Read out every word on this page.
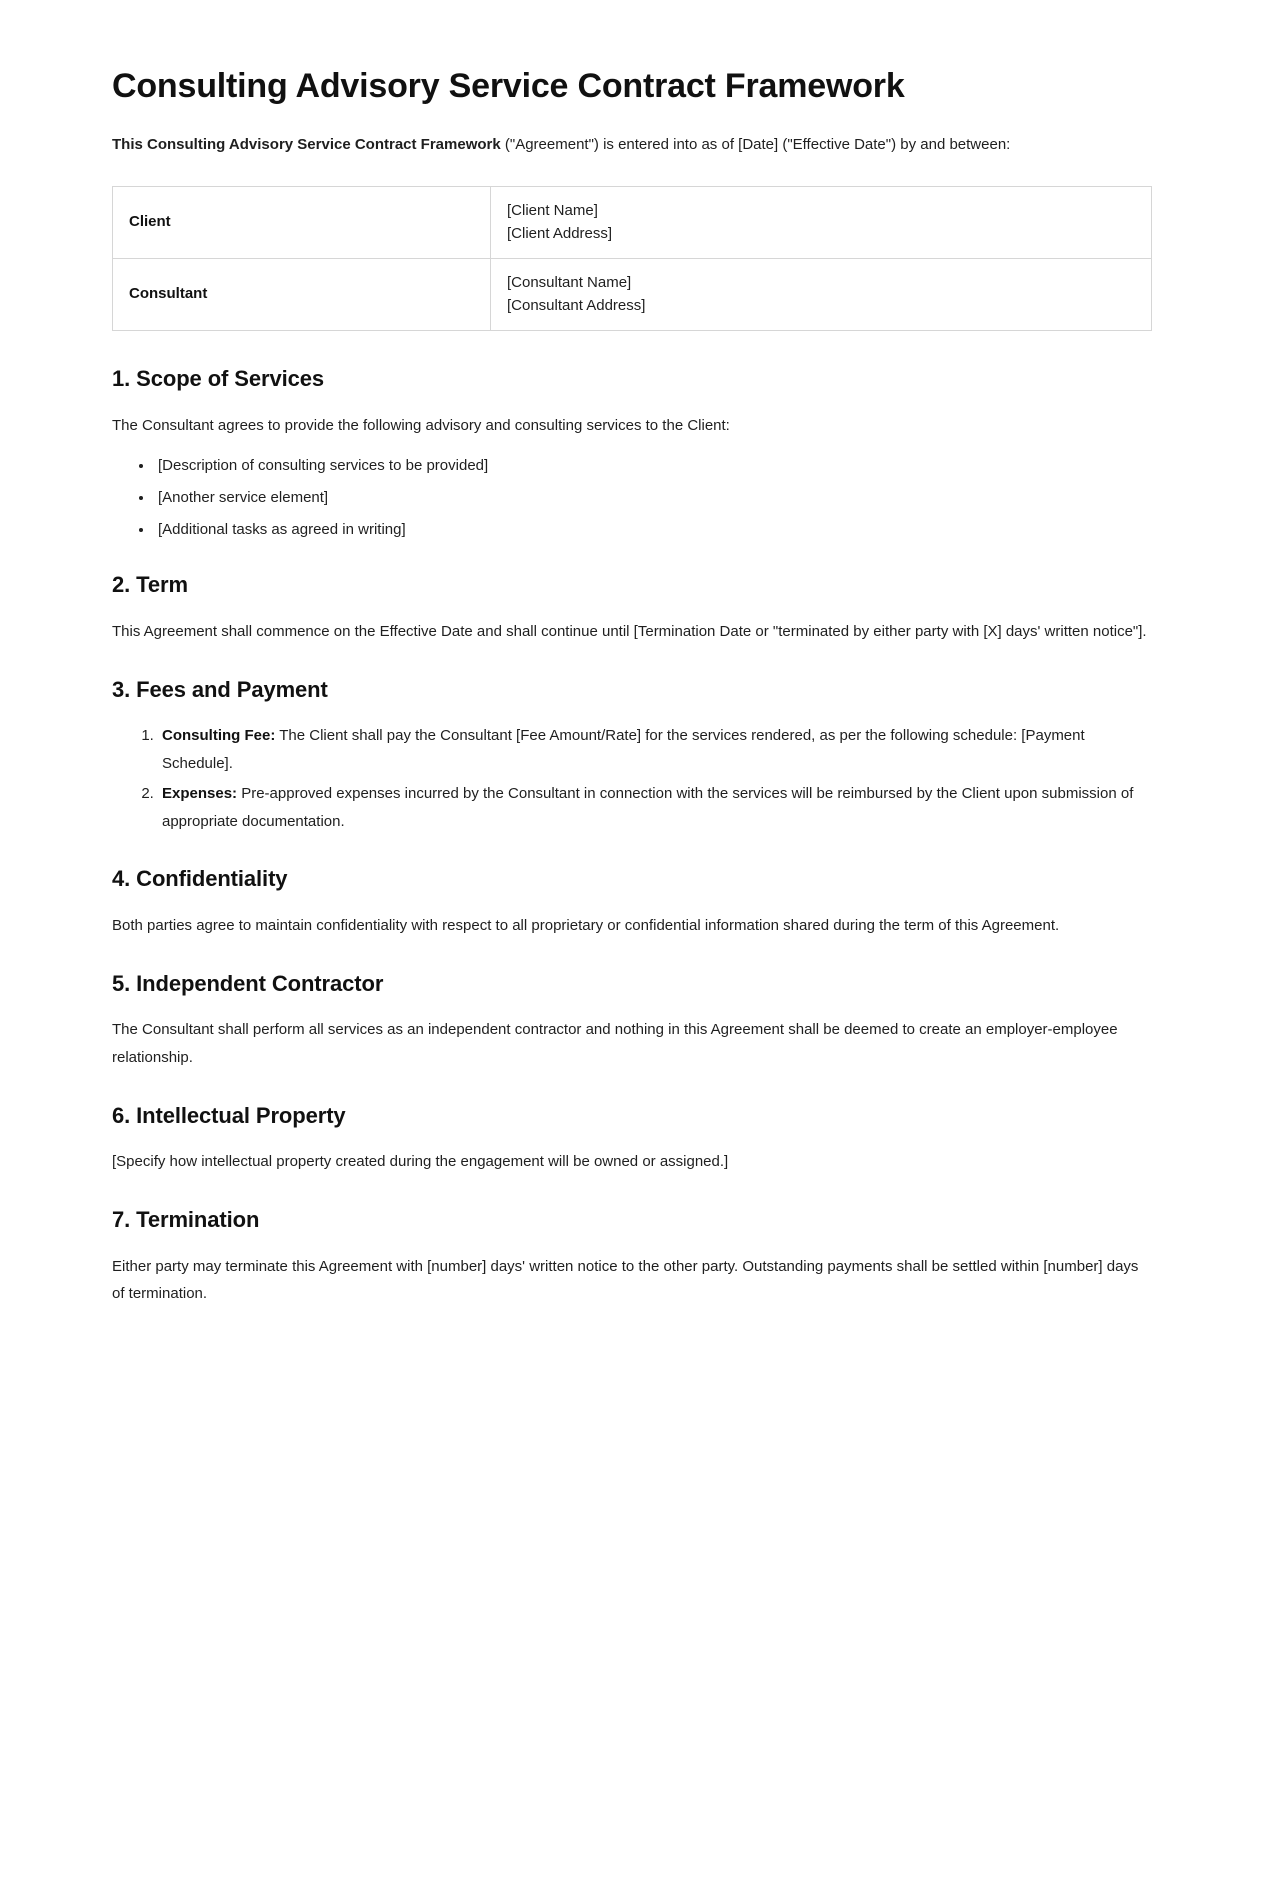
Consulting Advisory Service Contract Framework

This Consulting Advisory Service Contract Framework ("Agreement") is entered into as of [Date] ("Effective Date") by and between:

Client	[Client Name]
[Client Address]

Consultant	[Consultant Name]
[Consultant Address]
1. Scope of Services

The Consultant agrees to provide the following advisory and consulting services to the Client:

• [Description of consulting services to be provided]
• [Another service element]
• [Additional tasks as agreed in writing]
2. Term

This Agreement shall commence on the Effective Date and shall continue until [Termination Date or "terminated by either party with [X] days' written notice"].

3. Fees and Payment
1. Consulting Fee: The Client shall pay the Consultant [Fee Amount/Rate] for the services rendered, as per the following schedule: [Payment Schedule].
2. Expenses: Pre-approved expenses incurred by the Consultant in connection with the services will be reimbursed by the Client upon submission of appropriate documentation.
4. Confidentiality

Both parties agree to maintain confidentiality with respect to all proprietary or confidential information shared during the term of this Agreement.

5. Independent Contractor

The Consultant shall perform all services as an independent contractor and nothing in this Agreement shall be deemed to create an employer-employee relationship.

6. Intellectual Property

[Specify how intellectual property created during the engagement will be owned or assigned.]

7. Termination

Either party may terminate this Agreement with [number] days' written notice to the other party. Outstanding payments shall be settled within [number] days of termination.
